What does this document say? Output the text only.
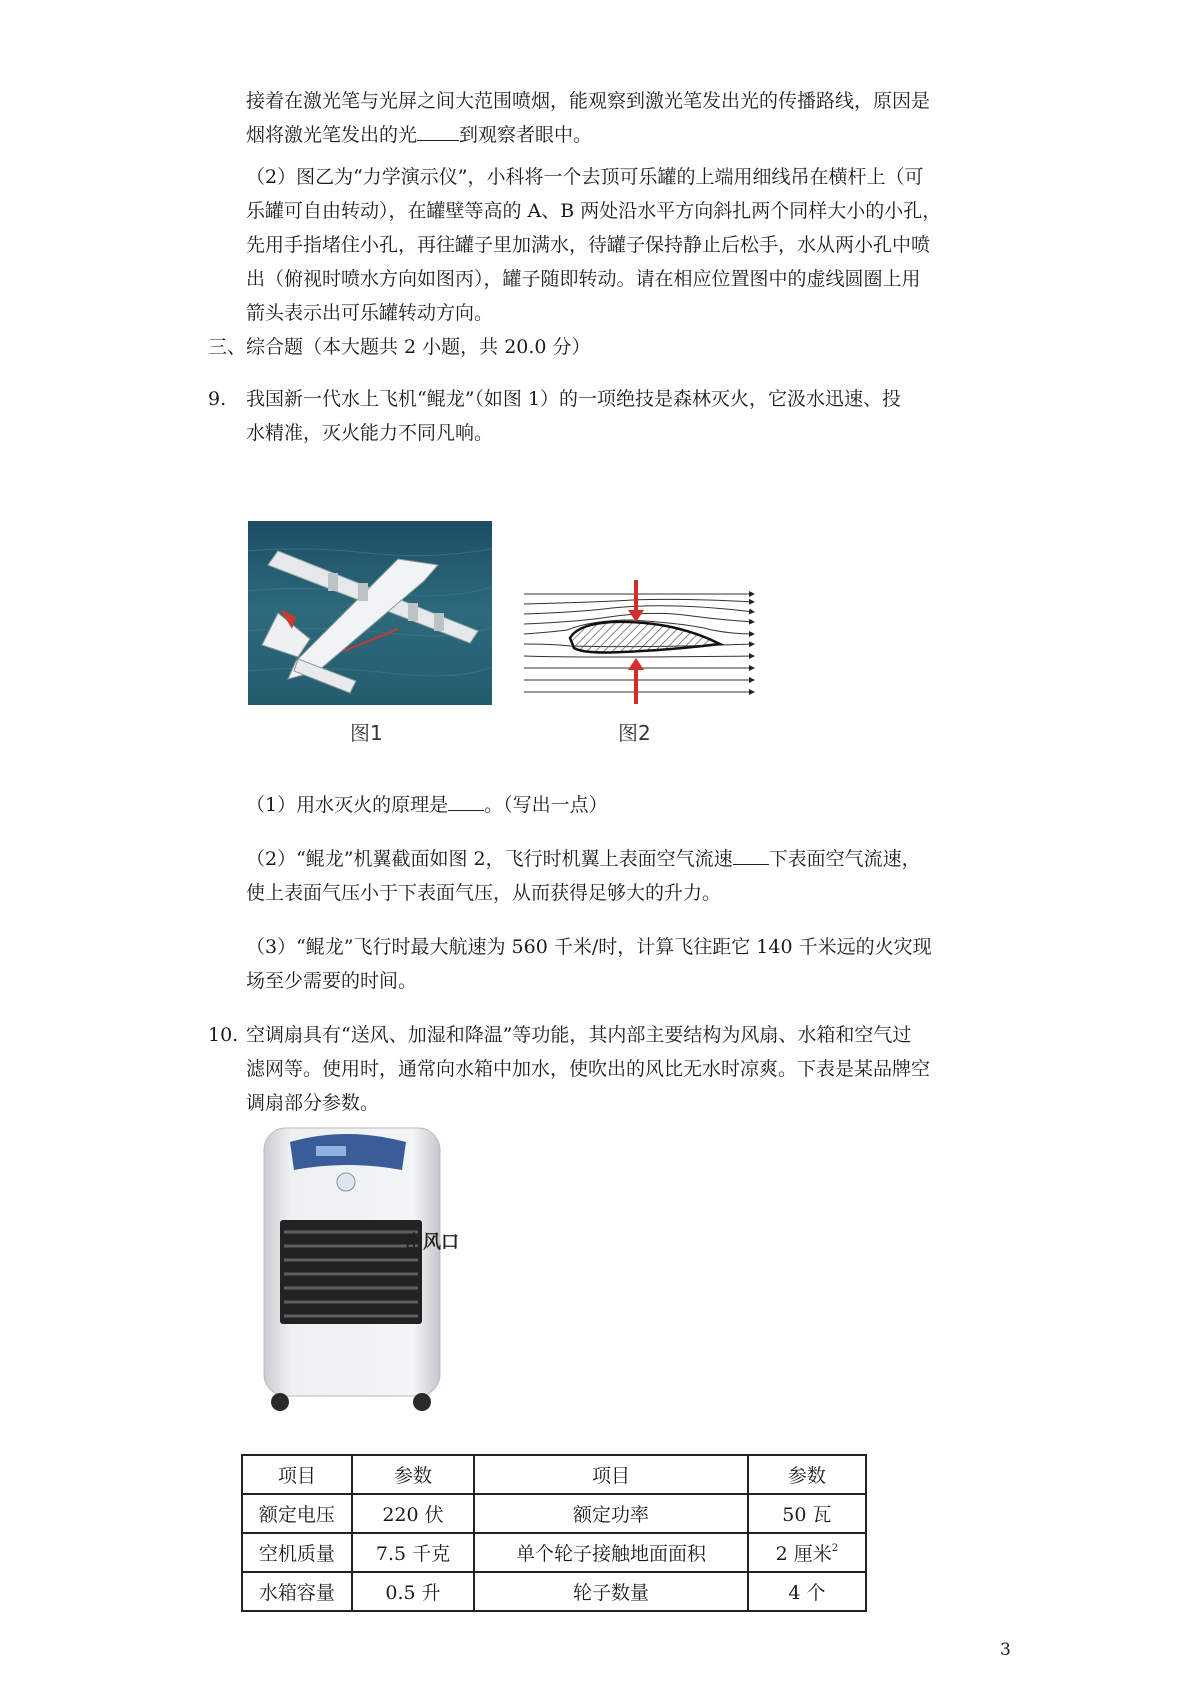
接着在激光笔与光屏之间大范围喷烟，能观察到激光笔发出光的传播路线，原因是
烟将激光笔发出的光 到观察者眼中。

（2）图乙为“力学演示仪”，小科将一个去顶可乐罐的上端用细线吊在横杆上（可
乐罐可自由转动），在罐壁等高的 A、B 两处沿水平方向斜扎两个同样大小的小孔，
先用手指堵住小孔，再往罐子里加满水，待罐子保持静止后松手，水从两小孔中喷
出（俯视时喷水方向如图丙），罐子随即转动。请在相应位置图中的虚线圆圈上用
箭头表示出可乐罐转动方向。

三、综合题（本大题共 2 小题，共 20.0 分）
9. 我国新一代水上飞机“鲲龙”（如图 1）的一项绝技是森林灭火，它汲水迅速、投
水精准，灭火能力不同凡响。

图1	图2

（1）用水灭火的原理是 。（写出一点）

（2）“鲲龙”机翼截面如图 2，飞行时机翼上表面空气流速 下表面空气流速，
使上表面气压小于下表面气压，从而获得足够大的升力。

（3）“鲲龙”飞行时最大航速为 560 千米/时，计算飞往距它 140 千米远的火灾现
场至少需要的时间。

10. 空调扇具有“送风、加湿和降温”等功能，其内部主要结构为风扇、水箱和空气过
滤网等。使用时，通常向水箱中加水，使吹出的风比无水时凉爽。下表是某品牌空
调扇部分参数。

出风口
项目	参数	项目	参数
额定电压	220 伏	额定功率	50 瓦
空机质量	7.5 千克	单个轮子接触地面面积	2 厘米$^2$
水箱容量	0.5 升	轮子数量	4 个
3
